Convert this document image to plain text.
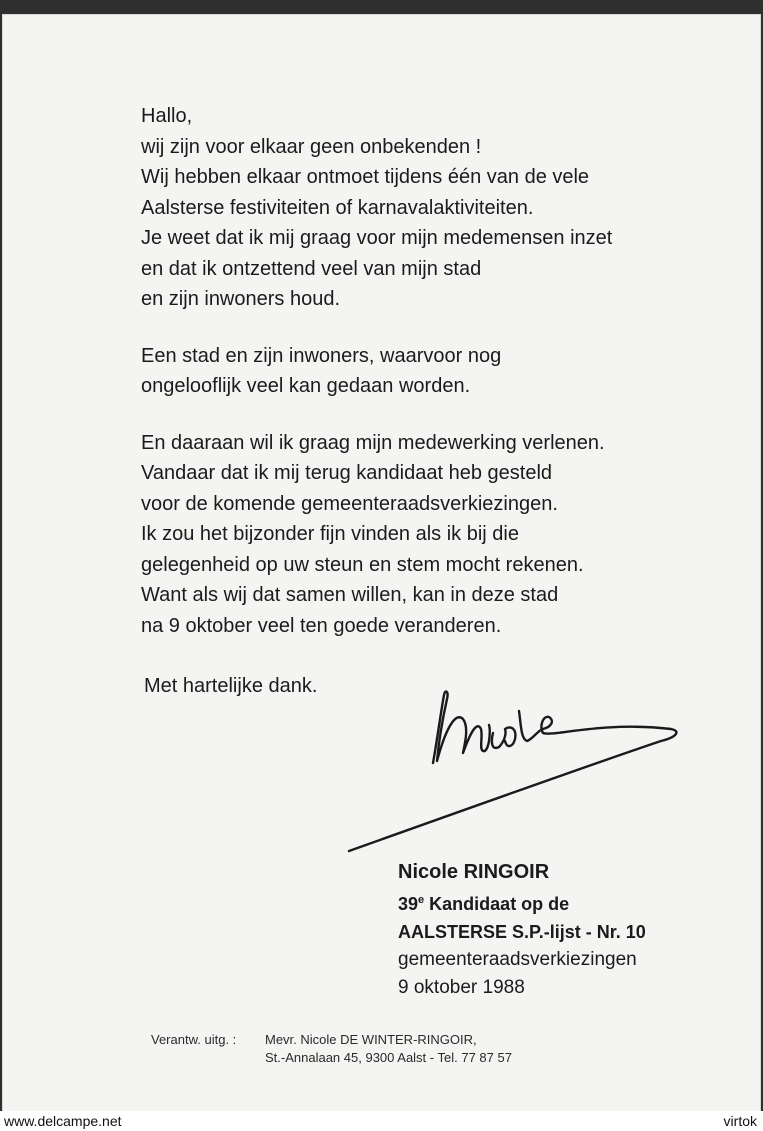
Hallo,
wij zijn voor elkaar geen onbekenden !
Wij hebben elkaar ontmoet tijdens één van de vele
Aalsterse festiviteiten of karnavalaktiviteiten.
Je weet dat ik mij graag voor mijn medemensen inzet
en dat ik ontzettend veel van mijn stad
en zijn inwoners houd.

Een stad en zijn inwoners, waarvoor nog
ongelooflijk veel kan gedaan worden.

En daaraan wil ik graag mijn medewerking verlenen.
Vandaar dat ik mij terug kandidaat heb gesteld
voor de komende gemeenteraadsverkiezingen.
Ik zou het bijzonder fijn vinden als ik bij die
gelegenheid op uw steun en stem mocht rekenen.
Want als wij dat samen willen, kan in deze stad
na 9 oktober veel ten goede veranderen.

Met hartelijke dank.
Nicole RINGOIR
39e Kandidaat op de
AALSTERSE S.P.-lijst - Nr. 10
gemeenteraadsverkiezingen
9 oktober 1988
Verantw. uitg. : Mevr. Nicole DE WINTER-RINGOIR,
St.-Annalaan 45, 9300 Aalst - Tel. 77 87 57
www.delcampe.net	virtok
